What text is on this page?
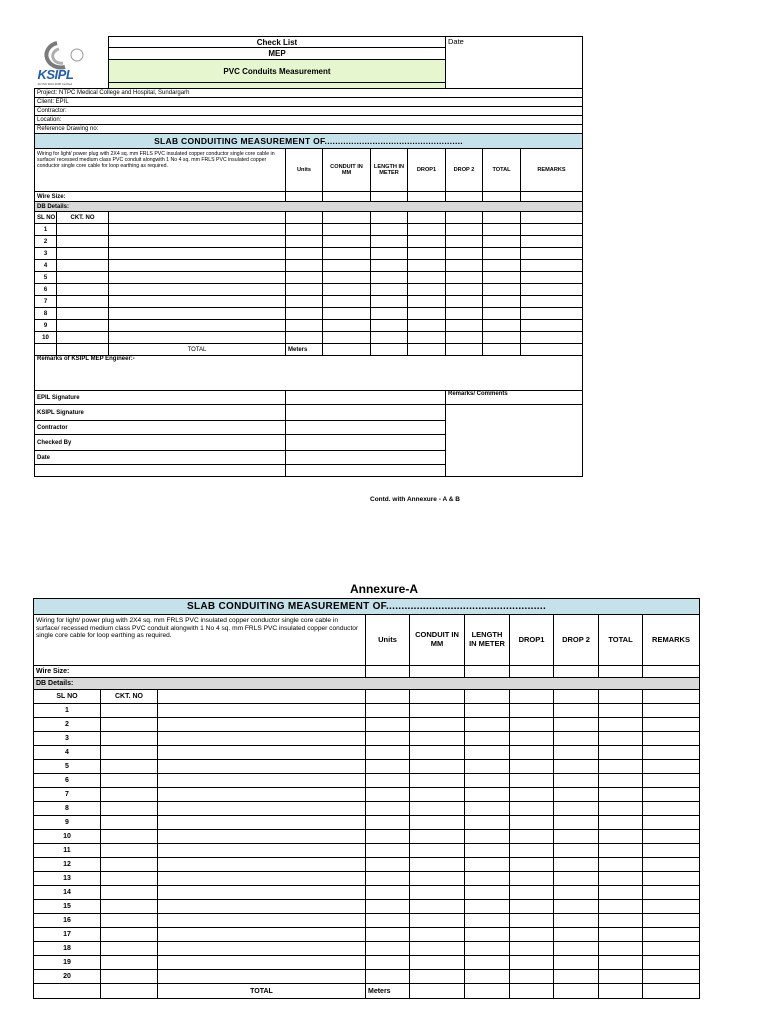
KSIPL
AN ISO 9001:2008 Certified		Check List					Date		
		MEP							
		PVC Conduits Measurement							

Project: NTPC Medical College and Hospital, Sundargarh									
Client: EPIL									
Contractor:									
Location:									
Reference Drawing no:									
SLAB CONDUITING MEASUREMENT OF....................................................									
Wiring for light/ power plug with 2X4 sq. mm FRLS PVC insulated copper conductor single core cable in surface/ recessed medium class PVC conduit alongwith 1 No 4 sq. mm FRLS PVC insulated copper conductor single core cable for loop earthing as required.			Units	CONDUIT IN MM	LENGTH IN METER	DROP1	DROP 2	TOTAL	REMARKS
Wire Size:									
DB Details:									
SL NO	CKT. NO								
1									
2									
3									
4									
5									
6									
7									
8									
9									
10									
		TOTAL	Meters						
Remarks of KSIPL MEP Engineer:-									
EPIL Signature							Remarks/ Comments		
KSIPL Signature									
Contractor									
Checked By									
Date									

Contd. with Annexure - A & B
Annexure-A
SLAB CONDUITING MEASUREMENT OF....................................................									
Wiring for light/ power plug with 2X4 sq. mm FRLS PVC insulated copper conductor single core cable in surface/ recessed medium class PVC conduit alongwith 1 No 4 sq. mm FRLS PVC insulated copper conductor single core cable for loop earthing as required.			Units	CONDUIT IN MM	LENGTH IN METER	DROP1	DROP 2	TOTAL	REMARKS
Wire Size:									
DB Details:									
SL NO	CKT. NO								
1									
2									
3									
4									
5									
6									
7									
8									
9									
10									
11									
12									
13									
14									
15									
16									
17									
18									
19									
20									
		TOTAL	Meters						
